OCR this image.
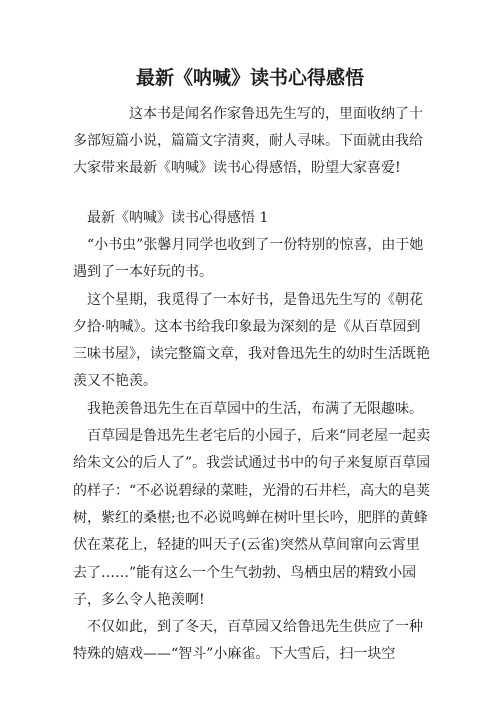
最新《呐喊》读书心得感悟

这本书是闻名作家鲁迅先生写的，里面收纳了十多部短篇小说，篇篇文字清爽，耐人寻味。下面就由我给大家带来最新《呐喊》读书心得感悟，盼望大家喜爱!

最新《呐喊》读书心得感悟 1

“小书虫”张馨月同学也收到了一份特别的惊喜，由于她遇到了一本好玩的书。

这个星期，我觅得了一本好书，是鲁迅先生写的《朝花夕拾·呐喊》。这本书给我印象最为深刻的是《从百草园到三味书屋》，读完整篇文章，我对鲁迅先生的幼时生活既艳羡又不艳羡。

我艳羡鲁迅先生在百草园中的生活，布满了无限趣味。

百草园是鲁迅先生老宅后的小园子，后来“同老屋一起卖给朱文公的后人了”。我尝试通过书中的句子来复原百草园的样子：“不必说碧绿的菜畦，光滑的石井栏，高大的皂荚树，紫红的桑椹;也不必说鸣蝉在树叶里长吟，肥胖的黄蜂伏在菜花上，轻捷的叫天子(云雀)突然从草间窜向云霄里去了……”能有这么一个生气勃勃、鸟栖虫居的精致小园子，多么令人艳羡啊!

不仅如此，到了冬天，百草园又给鲁迅先生供应了一种特殊的嬉戏——“智斗”小麻雀。下大雪后，扫一块空
